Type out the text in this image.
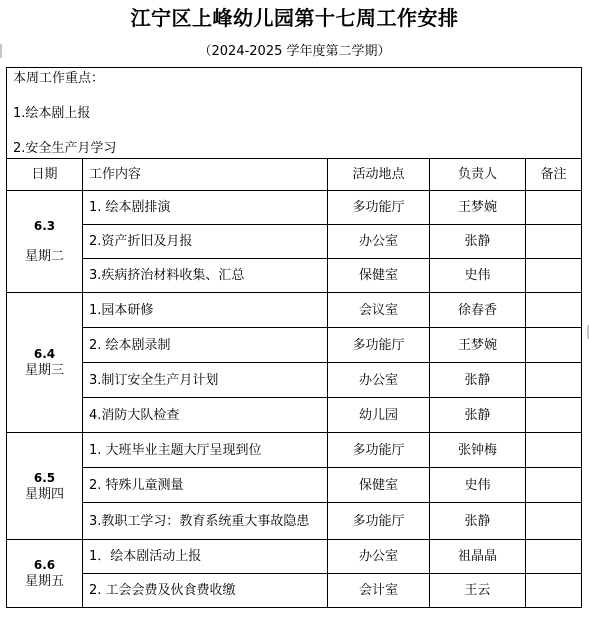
江宁区上峰幼儿园第十七周工作安排
（2024-2025 学年度第二学期）
本周工作重点：
1.绘本剧上报
2.安全生产月学习				

日期	工作内容	活动地点	负责人	备注

6.3
星期二	1. 绘本剧排演	多功能厅	王梦婉	
	2.资产折旧及月报	办公室	张静	
	3.疾病挤治材料收集、汇总	保健室	史伟	

6.4
星期三	1.园本研修	会议室	徐春香	
	2. 绘本剧录制	多功能厅	王梦婉	
	3.制订安全生产月计划	办公室	张静	
	4.消防大队检查	幼儿园	张静	

6.5
星期四	1. 大班毕业主题大厅呈现到位	多功能厅	张钟梅	
	2. 特殊儿童测量	保健室	史伟	
	3.教职工学习：教育系统重大事故隐患	多功能厅	张静	

6.6
星期五	1．绘本剧活动上报	办公室	祖晶晶	
	2. 工会会费及伙食费收缴	会计室	王云	
